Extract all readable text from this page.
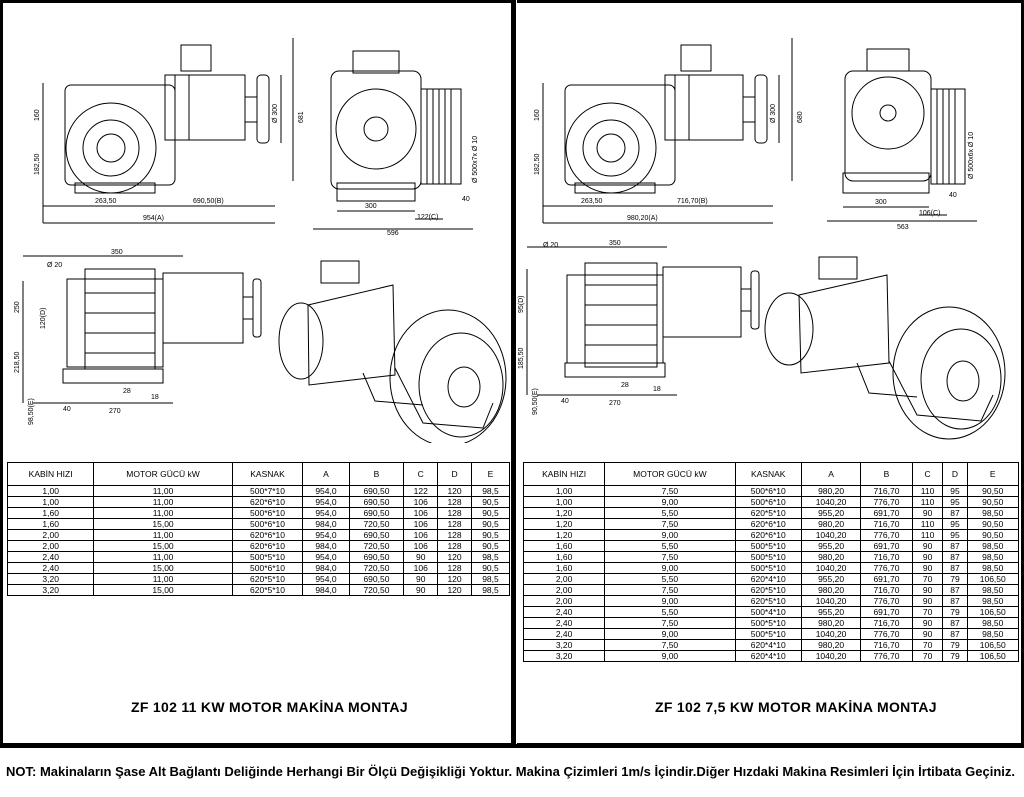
263,50	690,50(B)
954(A)
160
182,50
Ø 300	681
300
596
122(C)
40
Ø 500x7x Ø 10
350
Ø 20
250
120(D)
218,50
98,50(E)	40	270
28
18
KABİN HIZI	MOTOR GÜCÜ kW	KASNAK	A	B	C	D	E
1,00	11,00	500*7*10	954,0	690,50	122	120	98,5
1,00	11,00	620*6*10	954,0	690,50	106	128	90,5
1,60	11,00	500*6*10	954,0	690,50	106	128	90,5
1,60	15,00	500*6*10	984,0	720,50	106	128	90,5
2,00	11,00	620*6*10	954,0	690,50	106	128	90,5
2,00	15,00	620*6*10	984,0	720,50	106	128	90,5
2,40	11,00	500*5*10	954,0	690,50	90	120	98,5
2,40	15,00	500*6*10	984,0	720,50	106	128	90,5
3,20	11,00	620*5*10	954,0	690,50	90	120	98,5
3,20	15,00	620*5*10	984,0	720,50	90	120	98,5
ZF 102 11 KW MOTOR MAKİNA MONTAJ
263,50	716,70(B)
980,20(A)
160
182,50
Ø 300	680
300
563
106(C)
40
Ø 500x6x Ø 10
350
Ø 20
95(D)
185,50
90,50(E)	40	270
28
18
KABİN HIZI	MOTOR GÜCÜ kW	KASNAK	A	B	C	D	E
1,00	7,50	500*6*10	980,20	716,70	110	95	90,50
1,00	9,00	500*6*10	1040,20	776,70	110	95	90,50
1,20	5,50	620*5*10	955,20	691,70	90	87	98,50
1,20	7,50	620*6*10	980,20	716,70	110	95	90,50
1,20	9,00	620*6*10	1040,20	776,70	110	95	90,50
1,60	5,50	500*5*10	955,20	691,70	90	87	98,50
1,60	7,50	500*5*10	980,20	716,70	90	87	98,50
1,60	9,00	500*5*10	1040,20	776,70	90	87	98,50
2,00	5,50	620*4*10	955,20	691,70	70	79	106,50
2,00	7,50	620*5*10	980,20	716,70	90	87	98,50
2,00	9,00	620*5*10	1040,20	776,70	90	87	98,50
2,40	5,50	500*4*10	955,20	691,70	70	79	106,50
2,40	7,50	500*5*10	980,20	716,70	90	87	98,50
2,40	9,00	500*5*10	1040,20	776,70	90	87	98,50
3,20	7,50	620*4*10	980,20	716,70	70	79	106,50
3,20	9,00	620*4*10	1040,20	776,70	70	79	106,50
ZF 102 7,5 KW MOTOR MAKİNA MONTAJ
NOT: Makinaların Şase Alt Bağlantı Deliğinde Herhangi Bir Ölçü Değişikliği Yoktur. Makina Çizimleri 1m/s İçindir.Diğer Hızdaki Makina Resimleri İçin İrtibata Geçiniz.
